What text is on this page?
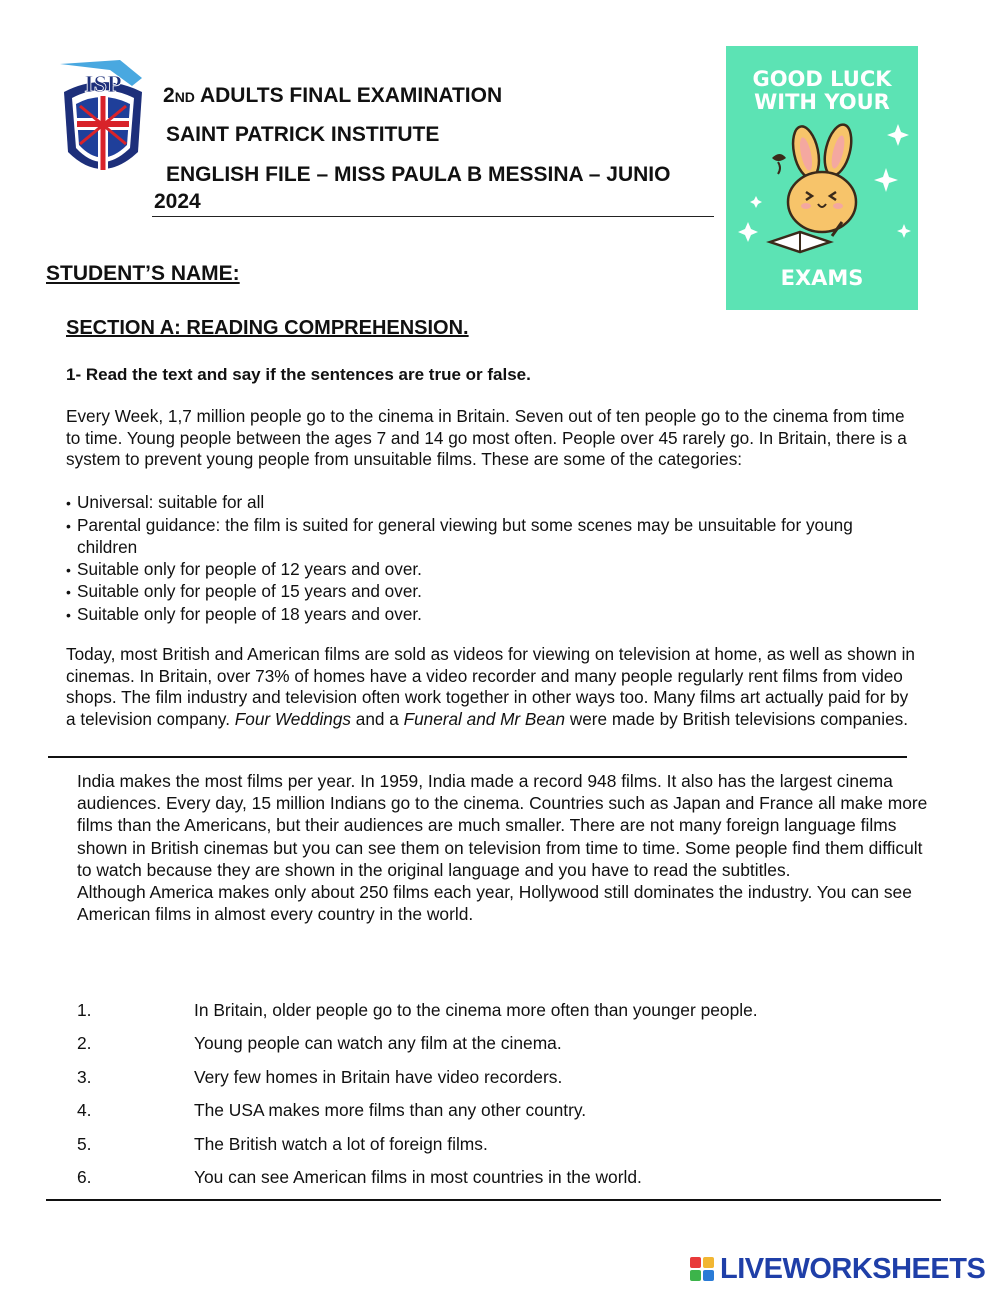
ISP 2ND ADULTS FINAL EXAMINATION
SAINT PATRICK INSTITUTE
ENGLISH FILE – MISS PAULA B MESSINA – JUNIO
2024
GOOD LUCK
WITH YOUR
EXAMS
STUDENT’S NAME:
SECTION A: READING COMPREHENSION.
1- Read the text and say if the sentences are true or false.
Every Week, 1,7 million people go to the cinema in Britain. Seven out of ten people go to the cinema from time to time. Young people between the ages 7 and 14 go most often. People over 45 rarely go. In Britain, there is a system to prevent young people from unsuitable films. These are some of the categories:
• Universal: suitable for all
• Parental guidance: the film is suited for general viewing but some scenes may be unsuitable for young children
• Suitable only for people of 12 years and over.
• Suitable only for people of 15 years and over.
• Suitable only for people of 18 years and over.
Today, most British and American films are sold as videos for viewing on television at home, as well as shown in cinemas. In Britain, over 73% of homes have a video recorder and many people regularly rent films from video shops. The film industry and television often work together in other ways too. Many films art actually paid for by a television company. Four Weddings and a Funeral and Mr Bean were made by British televisions companies.
India makes the most films per year. In 1959, India made a record 948 films. It also has the largest cinema audiences. Every day, 15 million Indians go to the cinema. Countries such as Japan and France all make more films than the Americans, but their audiences are much smaller. There are not many foreign language films shown in British cinemas but you can see them on television from time to time. Some people find them difficult to watch because they are shown in the original language and you have to read the subtitles.
Although America makes only about 250 films each year, Hollywood still dominates the industry. You can see American films in almost every country in the world.
1.	In Britain, older people go to the cinema more often than younger people.
2.	Young people can watch any film at the cinema.
3.	Very few homes in Britain have video recorders.
4.	The USA makes more films than any other country.
5.	The British watch a lot of foreign films.
6.	You can see American films in most countries in the world.
LIVEWORKSHEETS
